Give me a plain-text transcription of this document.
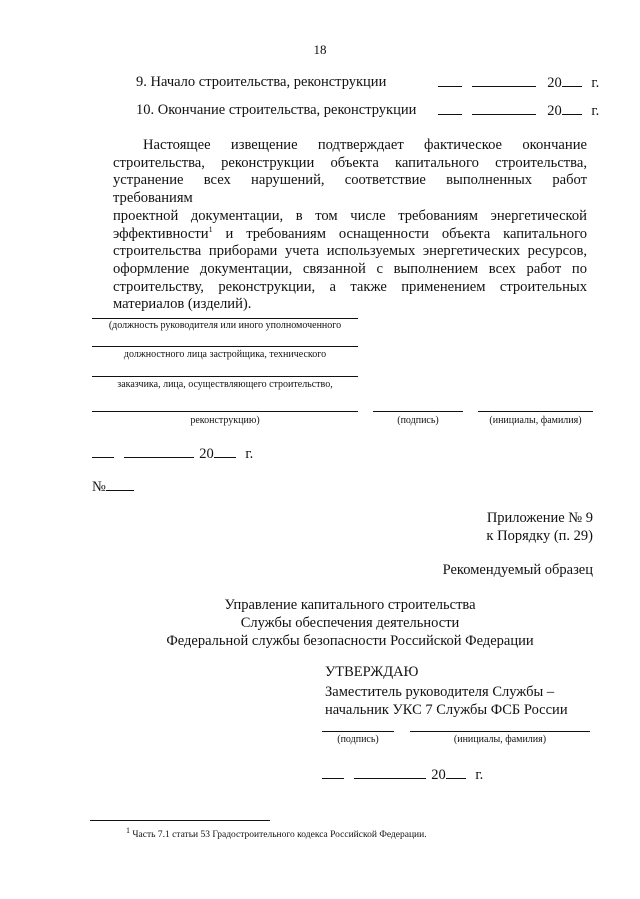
18
9. Начало строительства, реконструкции	20 г.
10. Окончание строительства, реконструкции	20 г.
Настоящее извещение подтверждает фактическое окончание
строительства, реконструкции объекта капитального строительства,
устранение всех нарушений, соответствие выполненных работ требованиям
проектной документации, в том числе требованиям энергетической
эффективности$^1$ и требованиям оснащенности объекта капитального
строительства приборами учета используемых энергетических ресурсов,
оформление документации, связанной с выполнением всех работ по
строительству, реконструкции, а также применением строительных
материалов (изделий).
(должность руководителя или иного уполномоченного
должностного лица застройщика, технического
заказчика, лица, осуществляющего строительство,
реконструкцию)	(подпись)	(инициалы, фамилия)
20 г.
№
Приложение № 9
к Порядку (п. 29)
Рекомендуемый образец
Управление капитального строительства
Службы обеспечения деятельности
Федеральной службы безопасности Российской Федерации
УТВЕРЖДАЮ
Заместитель руководителя Службы –
начальник УКС 7 Службы ФСБ России
(подпись)	(инициалы, фамилия)
20 г.
$^1$ Часть 7.1 статьи 53 Градостроительного кодекса Российской Федерации.
